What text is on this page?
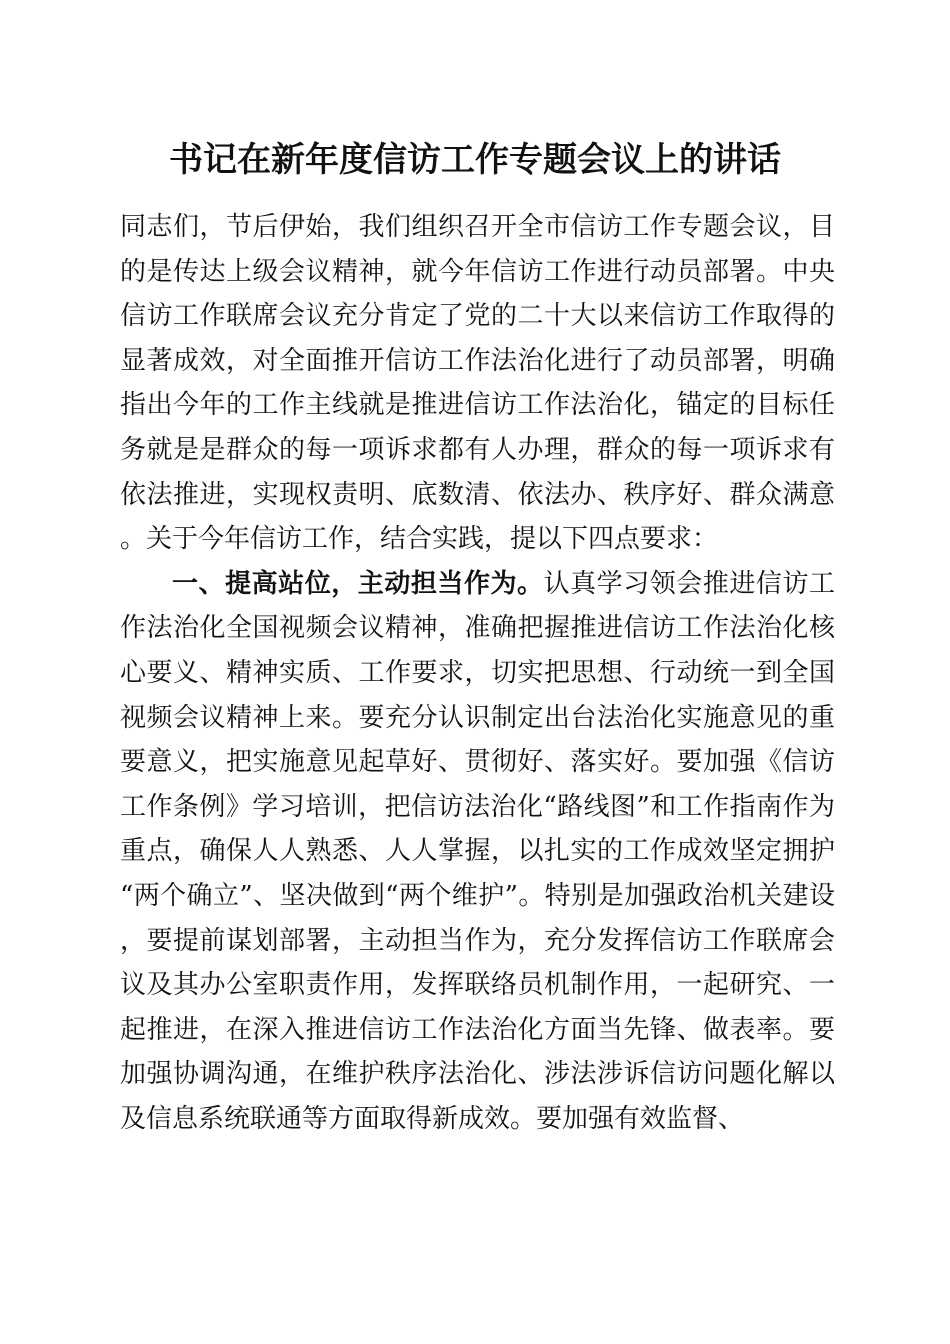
书记在新年度信访工作专题会议上的讲话

同志们，节后伊始，我们组织召开全市信访工作专题会议，目的是传达上级会议精神，就今年信访工作进行动员部署。中央信访工作联席会议充分肯定了党的二十大以来信访工作取得的显著成效，对全面推开信访工作法治化进行了动员部署，明确指出今年的工作主线就是推进信访工作法治化，锚定的目标任务就是是群众的每一项诉求都有人办理，群众的每一项诉求有依法推进，实现权责明、底数清、依法办、秩序好、群众满意。关于今年信访工作，结合实践，提以下四点要求：

一、提高站位，主动担当作为。认真学习领会推进信访工作法治化全国视频会议精神，准确把握推进信访工作法治化核心要义、精神实质、工作要求，切实把思想、行动统一到全国视频会议精神上来。要充分认识制定出台法治化实施意见的重要意义，把实施意见起草好、贯彻好、落实好。要加强《信访工作条例》学习培训，把信访法治化“路线图”和工作指南作为重点，确保人人熟悉、人人掌握，以扎实的工作成效坚定拥护“两个确立”、坚决做到“两个维护”。特别是加强政治机关建设，要提前谋划部署，主动担当作为，充分发挥信访工作联席会议及其办公室职责作用，发挥联络员机制作用，一起研究、一起推进，在深入推进信访工作法治化方面当先锋、做表率。要加强协调沟通，在维护秩序法治化、涉法涉诉信访问题化解以及信息系统联通等方面取得新成效。要加强有效监督、
